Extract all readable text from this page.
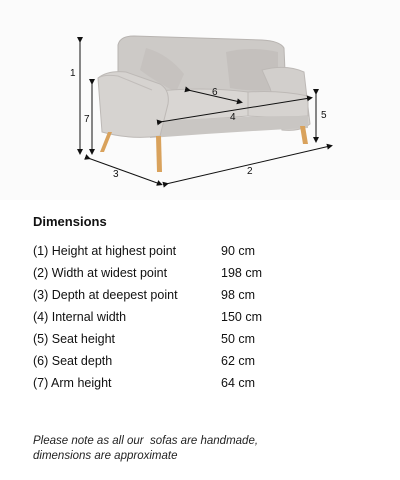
1
2
3
4	5
6
7
Dimensions
(1) Height at highest point	90 cm
(2) Width at widest point	198 cm
(3) Depth at deepest point	98 cm
(4) Internal width	150 cm
(5) Seat height	50 cm
(6) Seat depth	62 cm
(7) Arm height	64 cm
Please note as all our  sofas are handmade,
dimensions are approximate
